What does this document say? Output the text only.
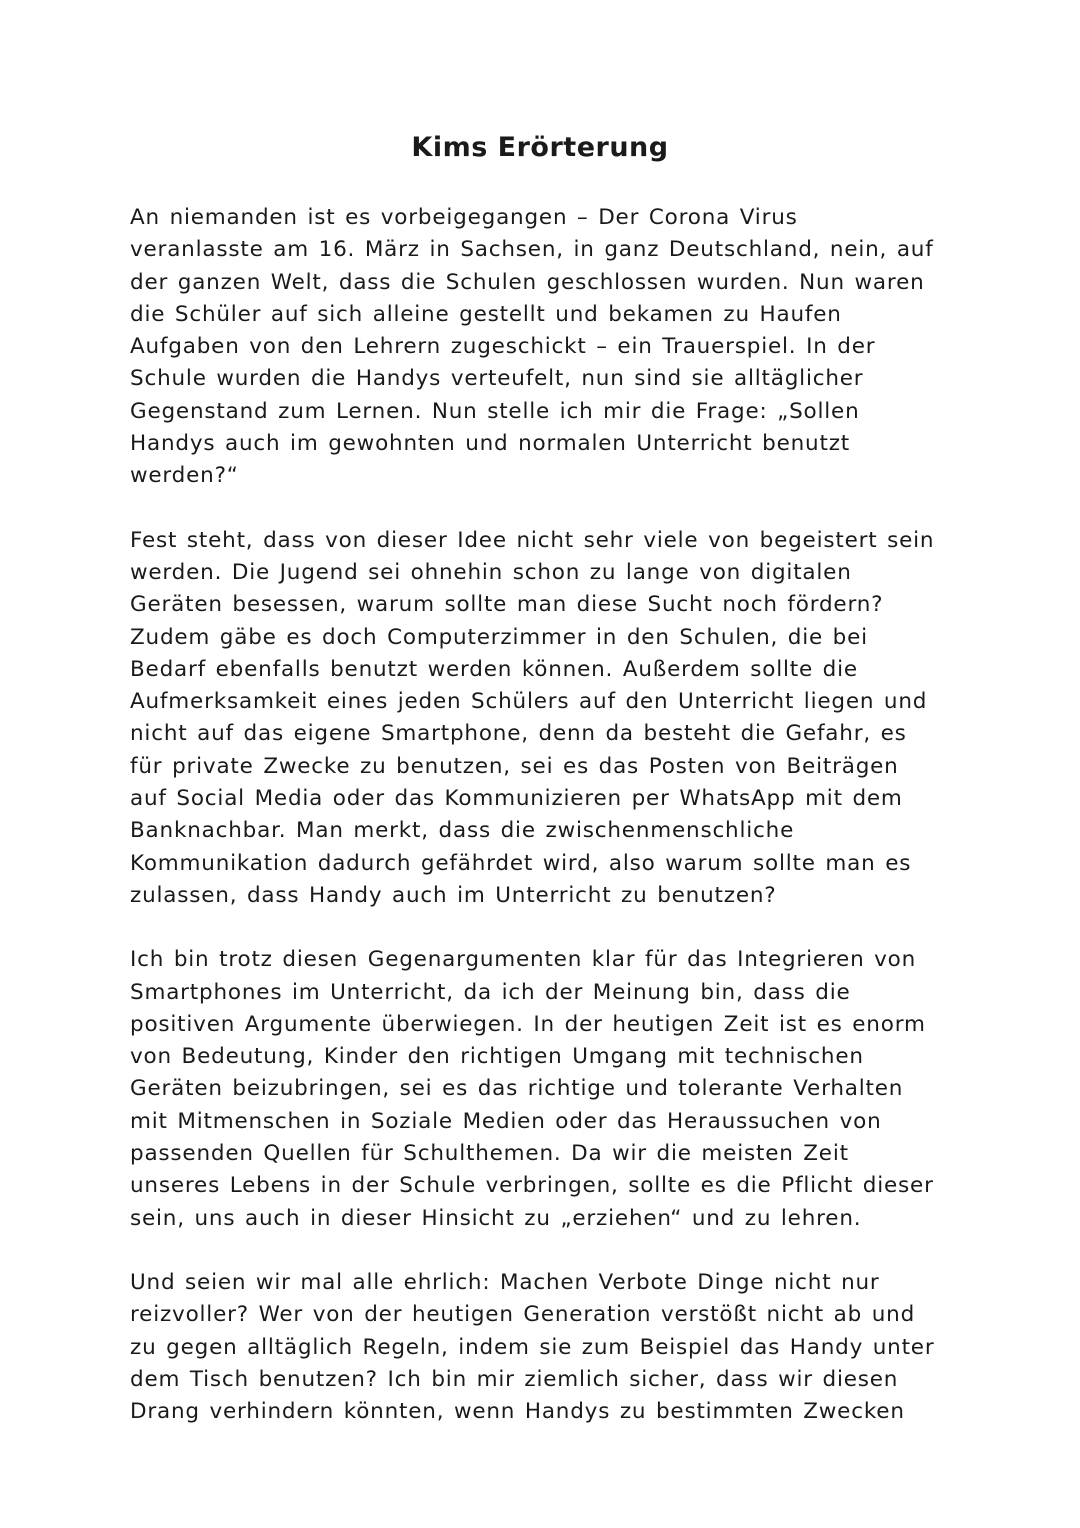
Kims Erörterung

An niemanden ist es vorbeigegangen – Der Corona Virus
veranlasste am 16. März in Sachsen, in ganz Deutschland, nein, auf
der ganzen Welt, dass die Schulen geschlossen wurden. Nun waren
die Schüler auf sich alleine gestellt und bekamen zu Haufen
Aufgaben von den Lehrern zugeschickt – ein Trauerspiel. In der
Schule wurden die Handys verteufelt, nun sind sie alltäglicher
Gegenstand zum Lernen. Nun stelle ich mir die Frage: „Sollen
Handys auch im gewohnten und normalen Unterricht benutzt
werden?“

Fest steht, dass von dieser Idee nicht sehr viele von begeistert sein
werden. Die Jugend sei ohnehin schon zu lange von digitalen
Geräten besessen, warum sollte man diese Sucht noch fördern?
Zudem gäbe es doch Computerzimmer in den Schulen, die bei
Bedarf ebenfalls benutzt werden können. Außerdem sollte die
Aufmerksamkeit eines jeden Schülers auf den Unterricht liegen und
nicht auf das eigene Smartphone, denn da besteht die Gefahr, es
für private Zwecke zu benutzen, sei es das Posten von Beiträgen
auf Social Media oder das Kommunizieren per WhatsApp mit dem
Banknachbar. Man merkt, dass die zwischenmenschliche
Kommunikation dadurch gefährdet wird, also warum sollte man es
zulassen, dass Handy auch im Unterricht zu benutzen?

Ich bin trotz diesen Gegenargumenten klar für das Integrieren von
Smartphones im Unterricht, da ich der Meinung bin, dass die
positiven Argumente überwiegen. In der heutigen Zeit ist es enorm
von Bedeutung, Kinder den richtigen Umgang mit technischen
Geräten beizubringen, sei es das richtige und tolerante Verhalten
mit Mitmenschen in Soziale Medien oder das Heraussuchen von
passenden Quellen für Schulthemen. Da wir die meisten Zeit
unseres Lebens in der Schule verbringen, sollte es die Pflicht dieser
sein, uns auch in dieser Hinsicht zu „erziehen“ und zu lehren.

Und seien wir mal alle ehrlich: Machen Verbote Dinge nicht nur
reizvoller? Wer von der heutigen Generation verstößt nicht ab und
zu gegen alltäglich Regeln, indem sie zum Beispiel das Handy unter
dem Tisch benutzen? Ich bin mir ziemlich sicher, dass wir diesen
Drang verhindern könnten, wenn Handys zu bestimmten Zwecken
